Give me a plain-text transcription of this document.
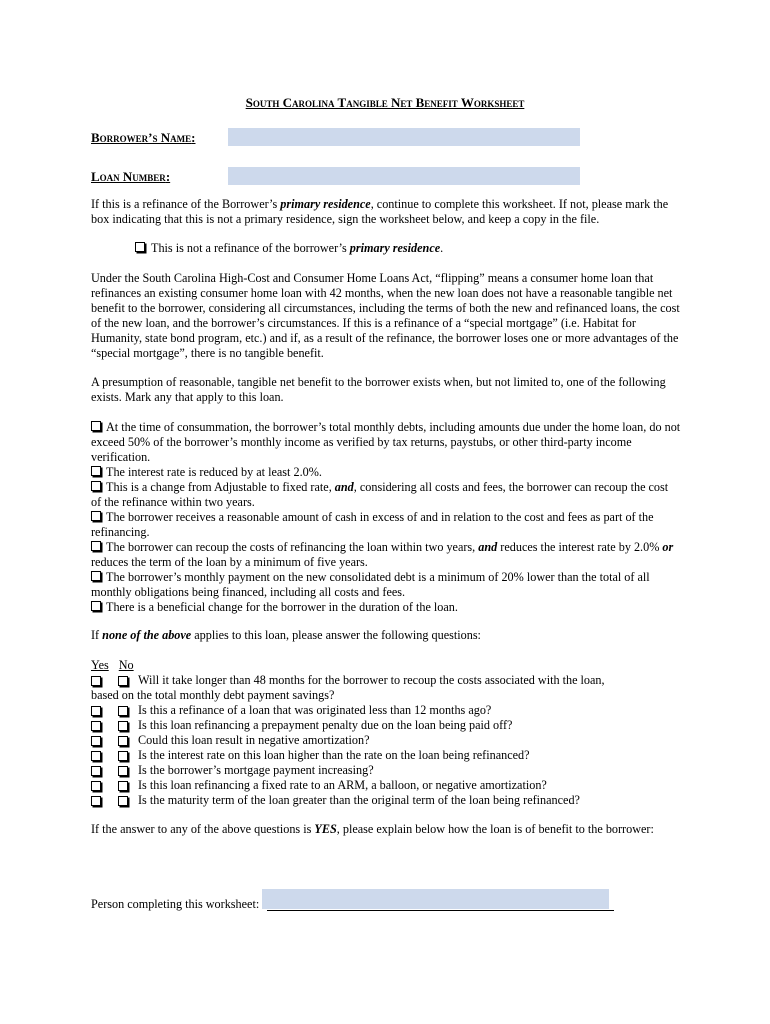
South Carolina Tangible Net Benefit Worksheet
Borrower’s Name:
Loan Number:

If this is a refinance of the Borrower’s primary residence, continue to complete this worksheet. If not, please mark the box indicating that this is not a primary residence, sign the worksheet below, and keep a copy in the file.

This is not a refinance of the borrower’s primary residence.

Under the South Carolina High-Cost and Consumer Home Loans Act, “flipping” means a consumer home loan that refinances an existing consumer home loan with 42 months, when the new loan does not have a reasonable tangible net benefit to the borrower, considering all circumstances, including the terms of both the new and refinanced loans, the cost of the new loan, and the borrower’s circumstances. If this is a refinance of a “special mortgage” (i.e. Habitat for Humanity, state bond program, etc.) and if, as a result of the refinance, the borrower loses one or more advantages of the “special mortgage”, there is no tangible benefit.

A presumption of reasonable, tangible net benefit to the borrower exists when, but not limited to, one of the following exists. Mark any that apply to this loan.

At the time of consummation, the borrower’s total monthly debts, including amounts due under the home loan, do not exceed 50% of the borrower’s monthly income as verified by tax returns, paystubs, or other third-party income verification.

The interest rate is reduced by at least 2.0%.

This is a change from Adjustable to fixed rate, and, considering all costs and fees, the borrower can recoup the cost of the refinance within two years.

The borrower receives a reasonable amount of cash in excess of and in relation to the cost and fees as part of the refinancing.

The borrower can recoup the costs of refinancing the loan within two years, and reduces the interest rate by 2.0% or reduces the term of the loan by a minimum of five years.

The borrower’s monthly payment on the new consolidated debt is a minimum of 20% lower than the total of all monthly obligations being financed, including all costs and fees.

There is a beneficial change for the borrower in the duration of the loan.

If none of the above applies to this loan, please answer the following questions:

Yes No
Will it take longer than 48 months for the borrower to recoup the costs associated with the loan,
based on the total monthly debt payment savings?
Is this a refinance of a loan that was originated less than 12 months ago?
Is this loan refinancing a prepayment penalty due on the loan being paid off?
Could this loan result in negative amortization?
Is the interest rate on this loan higher than the rate on the loan being refinanced?
Is the borrower’s mortgage payment increasing?
Is this loan refinancing a fixed rate to an ARM, a balloon, or negative amortization?
Is the maturity term of the loan greater than the original term of the loan being refinanced?

If the answer to any of the above questions is YES, please explain below how the loan is of benefit to the borrower:

Person completing this worksheet:
